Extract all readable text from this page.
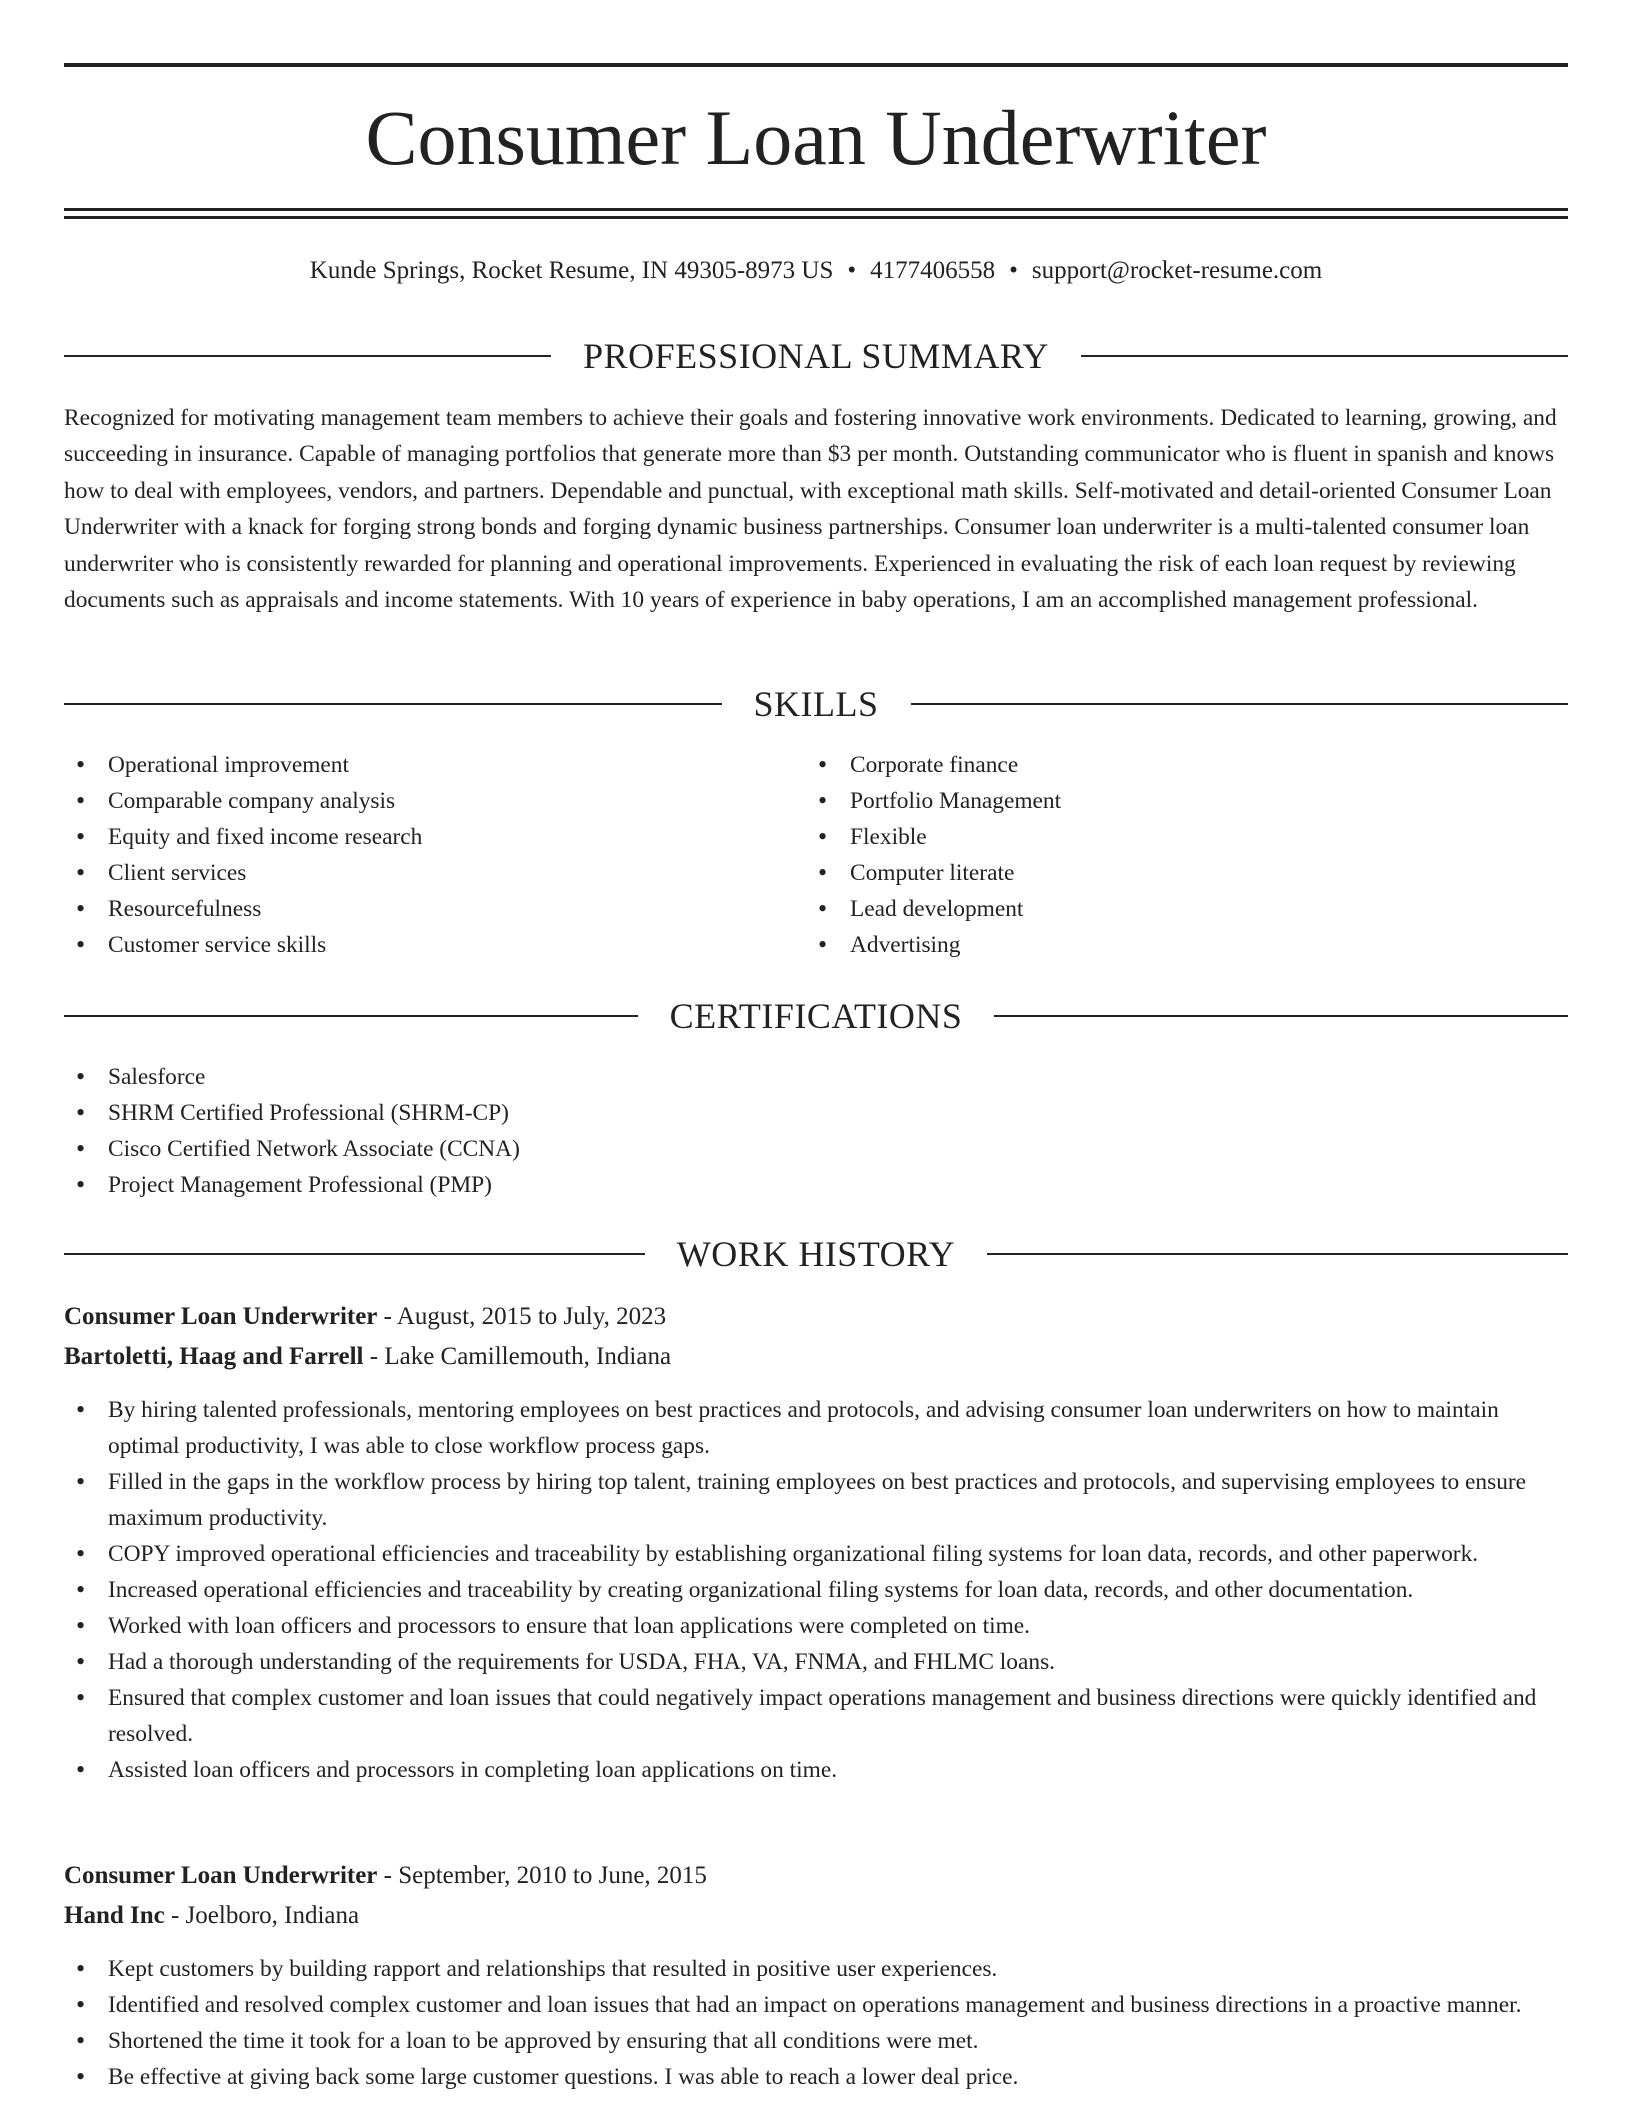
Consumer Loan Underwriter
Kunde Springs, Rocket Resume, IN 49305-8973 US • 4177406558 • support@rocket-resume.com
PROFESSIONAL SUMMARY

Recognized for motivating management team members to achieve their goals and fostering innovative work environments. Dedicated to learning, growing, and succeeding in insurance. Capable of managing portfolios that generate more than $3 per month. Outstanding communicator who is fluent in spanish and knows how to deal with employees, vendors, and partners. Dependable and punctual, with exceptional math skills. Self-motivated and detail-oriented Consumer Loan Underwriter with a knack for forging strong bonds and forging dynamic business partnerships. Consumer loan underwriter is a multi-talented consumer loan underwriter who is consistently rewarded for planning and operational improvements. Experienced in evaluating the risk of each loan request by reviewing documents such as appraisals and income statements. With 10 years of experience in baby operations, I am an accomplished management professional.

SKILLS
• Operational improvement
• Comparable company analysis
• Equity and fixed income research
• Client services
• Resourcefulness
• Customer service skills
• Corporate finance
• Portfolio Management
• Flexible
• Computer literate
• Lead development
• Advertising
CERTIFICATIONS
• Salesforce
• SHRM Certified Professional (SHRM-CP)
• Cisco Certified Network Associate (CCNA)
• Project Management Professional (PMP)
WORK HISTORY
Consumer Loan Underwriter - August, 2015 to July, 2023
Bartoletti, Haag and Farrell - Lake Camillemouth, Indiana
• By hiring talented professionals, mentoring employees on best practices and protocols, and advising consumer loan underwriters on how to maintain optimal productivity, I was able to close workflow process gaps.
• Filled in the gaps in the workflow process by hiring top talent, training employees on best practices and protocols, and supervising employees to ensure maximum productivity.
• COPY improved operational efficiencies and traceability by establishing organizational filing systems for loan data, records, and other paperwork.
• Increased operational efficiencies and traceability by creating organizational filing systems for loan data, records, and other documentation.
• Worked with loan officers and processors to ensure that loan applications were completed on time.
• Had a thorough understanding of the requirements for USDA, FHA, VA, FNMA, and FHLMC loans.
• Ensured that complex customer and loan issues that could negatively impact operations management and business directions were quickly identified and resolved.
• Assisted loan officers and processors in completing loan applications on time.
Consumer Loan Underwriter - September, 2010 to June, 2015
Hand Inc - Joelboro, Indiana
• Kept customers by building rapport and relationships that resulted in positive user experiences.
• Identified and resolved complex customer and loan issues that had an impact on operations management and business directions in a proactive manner.
• Shortened the time it took for a loan to be approved by ensuring that all conditions were met.
• Be effective at giving back some large customer questions. I was able to reach a lower deal price.
